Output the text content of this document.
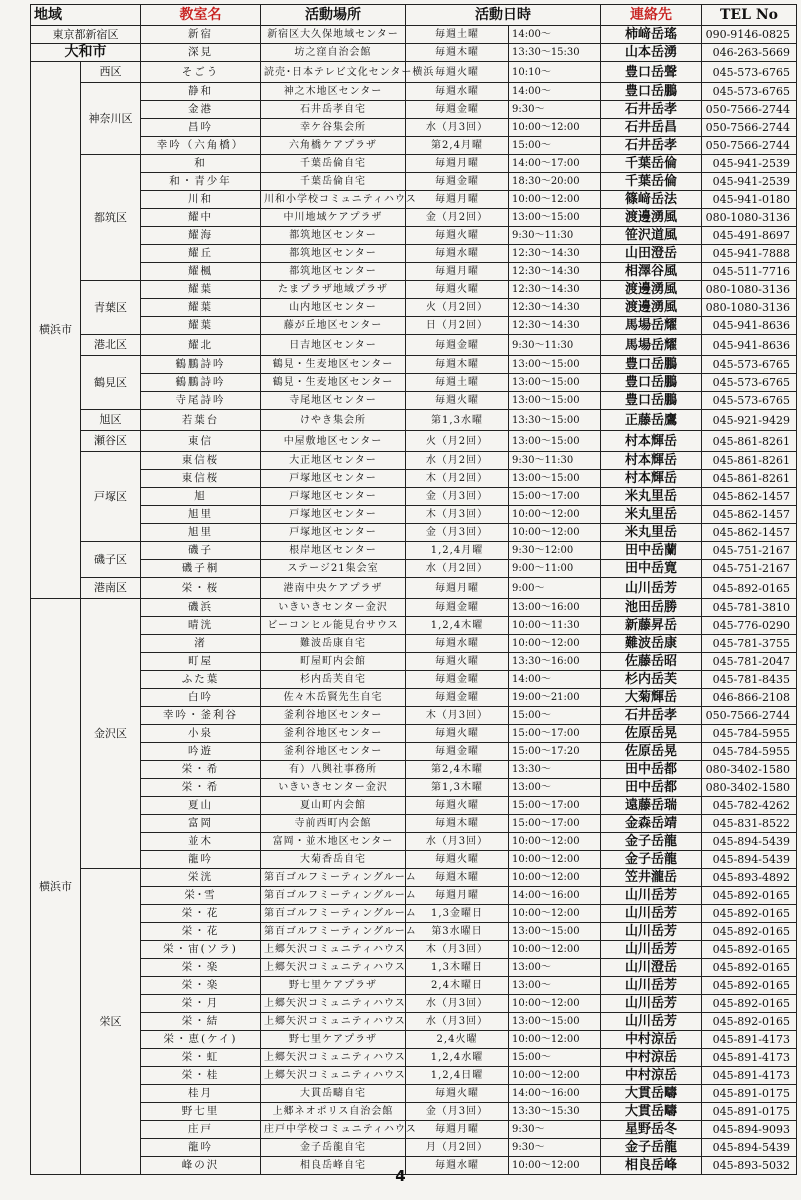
地域		教室名	活動場所	活動日時		連絡先	TEL No
東京都新宿区		新宿	新宿区大久保地域センター	毎週土曜	14:00～	柿﨑岳瑤	090-9146-0825
大和市		深見	坊之窪自治会館	毎週木曜	13:30～15:30	山本岳湧	046-263-5669
横浜市	西区	そごう	読売･日本テレビ文化センター横浜	毎週火曜	10:10～	豊口岳聲	045-573-6765
	神奈川区	静和	神之木地区センター	毎週水曜	14:00～	豊口岳鵬	045-573-6765
		金港	石井岳孝自宅	毎週金曜	9:30～	石井岳孝	050-7566-2744
		昌吟	幸ケ谷集会所	水（月3回）	10:00～12:00	石井岳昌	050-7566-2744
		幸吟（六角橋）	六角橋ケアプラザ	第2,4月曜	15:00～	石井岳孝	050-7566-2744
	都筑区	和	千葉岳倫自宅	毎週月曜	14:00～17:00	千葉岳倫	045-941-2539
		和・青少年	千葉岳倫自宅	毎週金曜	18:30～20:00	千葉岳倫	045-941-2539
		川和	川和小学校コミュニティハウス	毎週月曜	10:00～12:00	篠﨑岳法	045-941-0180
		耀中	中川地域ケアプラザ	金（月2回）	13:00～15:00	渡邊湧風	080-1080-3136
		耀海	都筑地区センター	毎週火曜	9:30～11:30	笹沢道風	045-491-8697
		耀丘	都筑地区センター	毎週水曜	12:30～14:30	山田澄岳	045-941-7888
		耀楓	都筑地区センター	毎週月曜	12:30～14:30	相澤谷風	045-511-7716
	青葉区	耀葉	たまプラザ地域プラザ	毎週火曜	12:30～14:30	渡邊湧風	080-1080-3136
		耀葉	山内地区センター	火（月2回）	12:30～14:30	渡邊湧風	080-1080-3136
		耀葉	藤が丘地区センター	日（月2回）	12:30～14:30	馬場岳耀	045-941-8636
	港北区	耀北	日吉地区センター	毎週金曜	9:30～11:30	馬場岳耀	045-941-8636
	鶴見区	鶴鵬詩吟	鶴見・生麦地区センター	毎週木曜	13:00～15:00	豊口岳鵬	045-573-6765
		鶴鵬詩吟	鶴見・生麦地区センター	毎週土曜	13:00～15:00	豊口岳鵬	045-573-6765
		寺尾詩吟	寺尾地区センター	毎週火曜	13:00～15:00	豊口岳鵬	045-573-6765
	旭区	若葉台	けやき集会所	第1,3水曜	13:30～15:00	正藤岳鷹	045-921-9429
	瀬谷区	東信	中屋敷地区センター	火（月2回）	13:00～15:00	村本輝岳	045-861-8261
	戸塚区	東信桜	大正地区センター	水（月2回）	9:30～11:30	村本輝岳	045-861-8261
		東信桜	戸塚地区センター	木（月2回）	13:00～15:00	村本輝岳	045-861-8261
		旭	戸塚地区センター	金（月3回）	15:00～17:00	米丸里岳	045-862-1457
		旭里	戸塚地区センター	木（月3回）	10:00～12:00	米丸里岳	045-862-1457
		旭里	戸塚地区センター	金（月3回）	10:00～12:00	米丸里岳	045-862-1457
	磯子区	磯子	根岸地区センター	1,2,4月曜	9:30～12:00	田中岳蘭	045-751-2167
		磯子桐	ステージ21集会室	水（月2回）	9:00～11:00	田中岳寛	045-751-2167
	港南区	栄・桜	港南中央ケアプラザ	毎週月曜	9:00～	山川岳芳	045-892-0165
横浜市	金沢区	磯浜	いきいきセンター金沢	毎週金曜	13:00～16:00	池田岳勝	045-781-3810
		晴洸	ビーコンヒル能見台サウス	1,2,4木曜	10:00～11:30	新藤昇岳	045-776-0290
		渚	難波岳康自宅	毎週水曜	10:00～12:00	難波岳康	045-781-3755
		町屋	町屋町内会館	毎週火曜	13:30～16:00	佐藤岳昭	045-781-2047
		ふた葉	杉内岳芙自宅	毎週金曜	14:00～	杉内岳芙	045-781-8435
		白吟	佐々木岳賢先生自宅	毎週金曜	19:00～21:00	大菊輝岳	046-866-2108
		幸吟・釜利谷	釜利谷地区センター	木（月3回）	15:00～	石井岳孝	050-7566-2744
		小泉	釜利谷地区センター	毎週火曜	15:00～17:00	佐原岳晃	045-784-5955
		吟遊	釜利谷地区センター	毎週金曜	15:00～17:20	佐原岳晃	045-784-5955
		栄・希	有）八興社事務所	第2,4木曜	13:30～	田中岳都	080-3402-1580
		栄・希	いきいきセンター金沢	第1,3木曜	13:00～	田中岳都	080-3402-1580
		夏山	夏山町内会館	毎週火曜	15:00～17:00	遠藤岳瑞	045-782-4262
		富岡	寺前西町内会館	毎週木曜	15:00～17:00	金森岳靖	045-831-8522
		並木	富岡・並木地区センター	水（月3回）	10:00～12:00	金子岳龍	045-894-5439
		龍吟	大菊香岳自宅	毎週火曜	10:00～12:00	金子岳龍	045-894-5439
	栄区	栄洸	第百ゴルフミーティングルーム	毎週木曜	10:00～12:00	笠井瀧岳	045-893-4892
		栄･雪	第百ゴルフミーティングルーム	毎週月曜	14:00～16:00	山川岳芳	045-892-0165
		栄・花	第百ゴルフミーティングルーム	1,3金曜日	10:00～12:00	山川岳芳	045-892-0165
		栄・花	第百ゴルフミーティングルーム	第3水曜日	13:00～15:00	山川岳芳	045-892-0165
		栄・宙(ソラ)	上郷矢沢コミュニティハウス	木（月3回）	10:00～12:00	山川岳芳	045-892-0165
		栄・楽	上郷矢沢コミュニティハウス	1,3木曜日	13:00～	山川澄岳	045-892-0165
		栄・楽	野七里ケアプラザ	2,4木曜日	13:00～	山川岳芳	045-892-0165
		栄・月	上郷矢沢コミュニティハウス	水（月3回）	10:00～12:00	山川岳芳	045-892-0165
		栄・結	上郷矢沢コミュニティハウス	水（月3回）	13:00～15:00	山川岳芳	045-892-0165
		栄・恵(ケイ)	野七里ケアプラザ	2,4火曜	10:00～12:00	中村涼岳	045-891-4173
		栄・虹	上郷矢沢コミュニティハウス	1,2,4水曜	15:00～	中村涼岳	045-891-4173
		栄・桂	上郷矢沢コミュニティハウス	1,2,4日曜	10:00～12:00	中村涼岳	045-891-4173
		桂月	大貫岳疇自宅	毎週火曜	14:00～16:00	大貫岳疇	045-891-0175
		野七里	上郷ネオポリス自治会館	金（月3回）	13:30～15:30	大貫岳疇	045-891-0175
		庄戸	庄戸中学校コミュニティハウス	毎週月曜	9:30～	星野岳冬	045-894-9093
		龍吟	金子岳龍自宅	月（月2回）	9:30～	金子岳龍	045-894-5439
		峰の沢	相良岳峰自宅	毎週水曜	10:00～12:00	相良岳峰	045-893-5032
4
